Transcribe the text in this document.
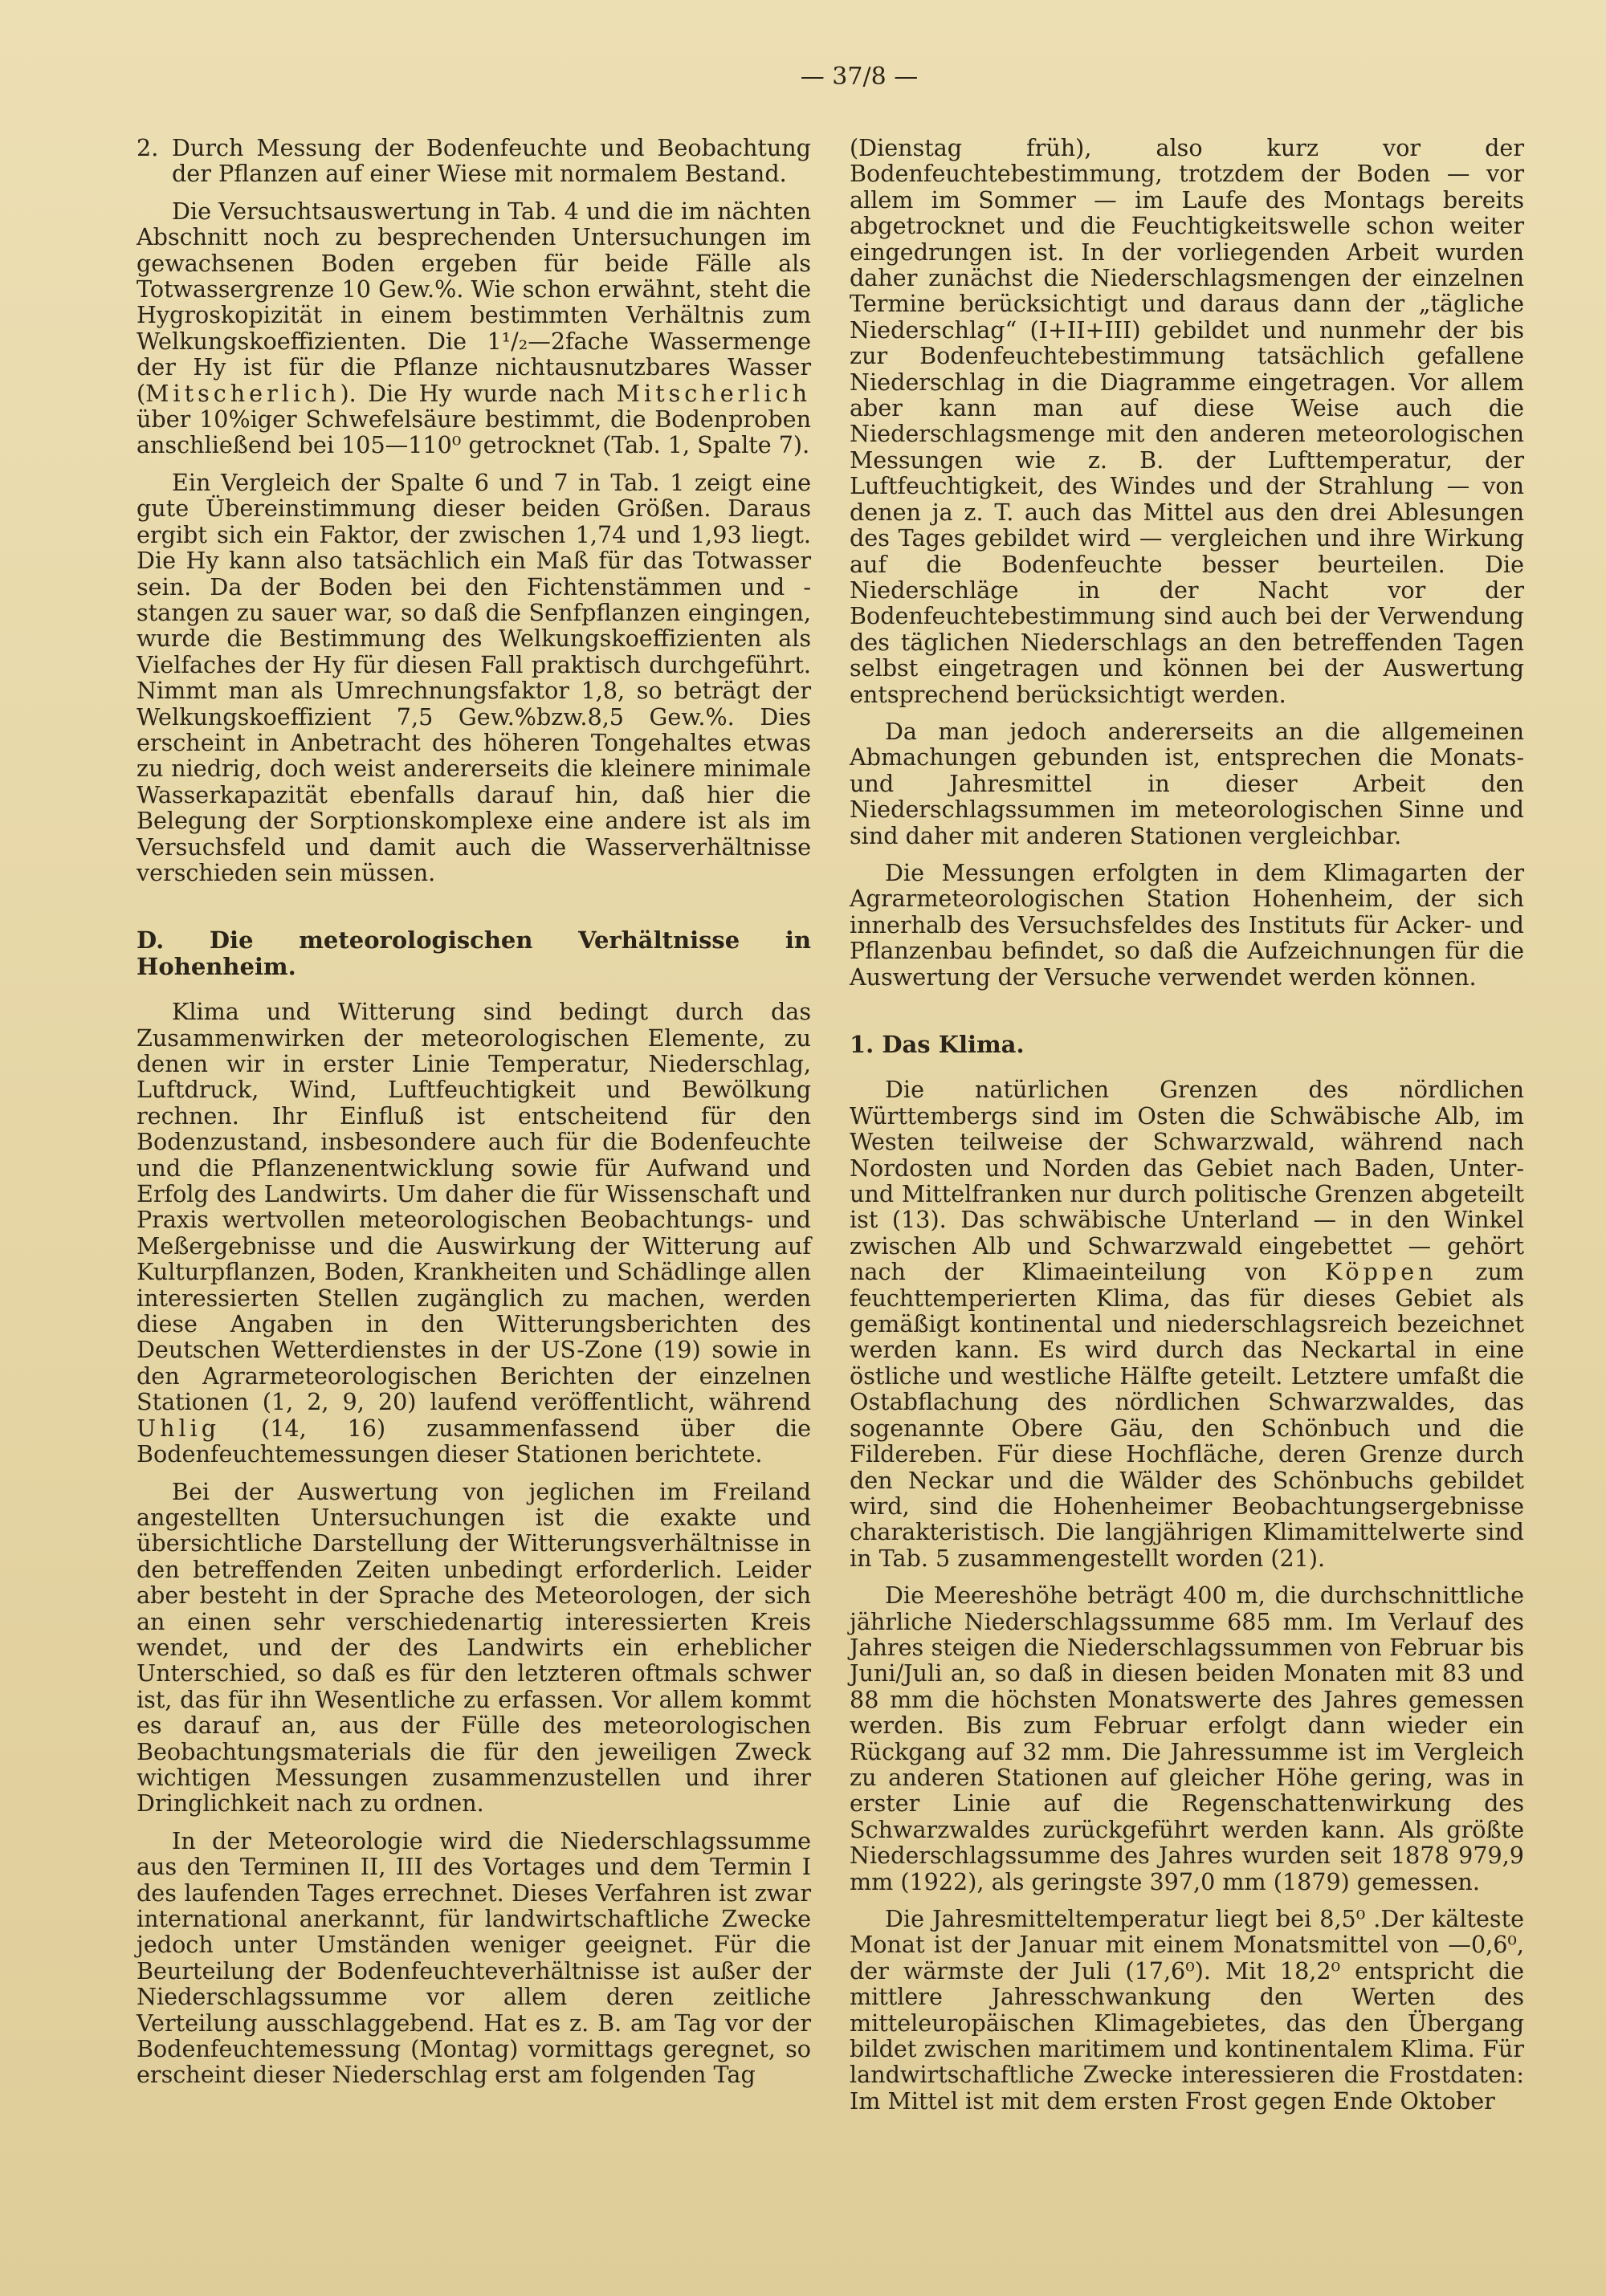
— 37/8 —

2. Durch Messung der Bodenfeuchte und Beobachtung der Pflanzen auf einer Wiese mit normalem Bestand.

Die Versuchtsauswertung in Tab. 4 und die im nächten Abschnitt noch zu besprechenden Untersuchungen im gewachsenen Boden ergeben für beide Fälle als Totwassergrenze 10 Gew.%. Wie schon erwähnt, steht die Hygroskopizität in einem bestimmten Verhältnis zum Welkungskoeffizienten. Die 1¹/₂—2fache Wassermenge der Hy ist für die Pflanze nichtausnutzbares Wasser (Mitscherlich). Die Hy wurde nach Mitscherlich über 10%iger Schwefelsäure bestimmt, die Bodenproben anschließend bei 105—110⁰ getrocknet (Tab. 1, Spalte 7).

Ein Vergleich der Spalte 6 und 7 in Tab. 1 zeigt eine gute Übereinstimmung dieser beiden Größen. Daraus ergibt sich ein Faktor, der zwischen 1,74 und 1,93 liegt. Die Hy kann also tatsächlich ein Maß für das Totwasser sein. Da der Boden bei den Fichtenstämmen und -stangen zu sauer war, so daß die Senfpflanzen eingingen, wurde die Bestimmung des Welkungskoeffizienten als Vielfaches der Hy für diesen Fall praktisch durchgeführt. Nimmt man als Umrechnungsfaktor 1,8, so beträgt der Welkungskoeffizient 7,5 Gew.%bzw.8,5 Gew.%. Dies erscheint in Anbetracht des höheren Tongehaltes etwas zu niedrig, doch weist andererseits die kleinere minimale Wasserkapazität ebenfalls darauf hin, daß hier die Belegung der Sorptionskomplexe eine andere ist als im Versuchsfeld und damit auch die Wasserverhältnisse verschieden sein müssen.

D. Die meteorologischen Verhältnisse in Hohenheim.

Klima und Witterung sind bedingt durch das Zusammenwirken der meteorologischen Elemente, zu denen wir in erster Linie Temperatur, Niederschlag, Luftdruck, Wind, Luftfeuchtigkeit und Bewölkung rechnen. Ihr Einfluß ist entscheitend für den Bodenzustand, insbesondere auch für die Bodenfeuchte und die Pflanzenentwicklung sowie für Aufwand und Erfolg des Landwirts. Um daher die für Wissenschaft und Praxis wertvollen meteorologischen Beobachtungs- und Meßergebnisse und die Auswirkung der Witterung auf Kulturpflanzen, Boden, Krankheiten und Schädlinge allen interessierten Stellen zugänglich zu machen, werden diese Angaben in den Witterungsberichten des Deutschen Wetterdienstes in der US-Zone (19) sowie in den Agrarmeteorologischen Berichten der einzelnen Stationen (1, 2, 9, 20) laufend veröffentlicht, während Uhlig (14, 16) zusammenfassend über die Bodenfeuchtemessungen dieser Stationen berichtete.

Bei der Auswertung von jeglichen im Freiland angestellten Untersuchungen ist die exakte und übersichtliche Darstellung der Witterungsverhältnisse in den betreffenden Zeiten unbedingt erforderlich. Leider aber besteht in der Sprache des Meteorologen, der sich an einen sehr verschiedenartig interessierten Kreis wendet, und der des Landwirts ein erheblicher Unterschied, so daß es für den letzteren oftmals schwer ist, das für ihn Wesentliche zu erfassen. Vor allem kommt es darauf an, aus der Fülle des meteorologischen Beobachtungsmaterials die für den jeweiligen Zweck wichtigen Messungen zusammenzustellen und ihrer Dringlichkeit nach zu ordnen.

In der Meteorologie wird die Niederschlagssumme aus den Terminen II, III des Vortages und dem Termin I des laufenden Tages errechnet. Dieses Verfahren ist zwar international anerkannt, für landwirtschaftliche Zwecke jedoch unter Umständen weniger geeignet. Für die Beurteilung der Bodenfeuchteverhältnisse ist außer der Niederschlagssumme vor allem deren zeitliche Verteilung ausschlaggebend. Hat es z. B. am Tag vor der Bodenfeuchtemessung (Montag) vormittags geregnet, so erscheint dieser Niederschlag erst am folgenden Tag

(Dienstag früh), also kurz vor der Bodenfeuchtebestimmung, trotzdem der Boden — vor allem im Sommer — im Laufe des Montags bereits abgetrocknet und die Feuchtigkeitswelle schon weiter eingedrungen ist. In der vorliegenden Arbeit wurden daher zunächst die Niederschlagsmengen der einzelnen Termine berücksichtigt und daraus dann der „tägliche Niederschlag“ (I+II+III) gebildet und nunmehr der bis zur Bodenfeuchtebestimmung tatsächlich gefallene Niederschlag in die Diagramme eingetragen. Vor allem aber kann man auf diese Weise auch die Niederschlagsmenge mit den anderen meteorologischen Messungen wie z. B. der Lufttemperatur, der Luftfeuchtigkeit, des Windes und der Strahlung — von denen ja z. T. auch das Mittel aus den drei Ablesungen des Tages gebildet wird — vergleichen und ihre Wirkung auf die Bodenfeuchte besser beurteilen. Die Niederschläge in der Nacht vor der Bodenfeuchtebestimmung sind auch bei der Verwendung des täglichen Niederschlags an den betreffenden Tagen selbst eingetragen und können bei der Auswertung entsprechend berücksichtigt werden.

Da man jedoch andererseits an die allgemeinen Abmachungen gebunden ist, entsprechen die Monats- und Jahresmittel in dieser Arbeit den Niederschlagssummen im meteorologischen Sinne und sind daher mit anderen Stationen vergleichbar.

Die Messungen erfolgten in dem Klimagarten der Agrarmeteorologischen Station Hohenheim, der sich innerhalb des Versuchsfeldes des Instituts für Acker- und Pflanzenbau befindet, so daß die Aufzeichnungen für die Auswertung der Versuche verwendet werden können.

1. Das Klima.

Die natürlichen Grenzen des nördlichen Württembergs sind im Osten die Schwäbische Alb, im Westen teilweise der Schwarzwald, während nach Nordosten und Norden das Gebiet nach Baden, Unter- und Mittelfranken nur durch politische Grenzen abgeteilt ist (13). Das schwäbische Unterland — in den Winkel zwischen Alb und Schwarzwald eingebettet — gehört nach der Klimaeinteilung von Köppen zum feuchttemperierten Klima, das für dieses Gebiet als gemäßigt kontinental und niederschlagsreich bezeichnet werden kann. Es wird durch das Neckartal in eine östliche und westliche Hälfte geteilt. Letztere umfaßt die Ostabflachung des nördlichen Schwarzwaldes, das sogenannte Obere Gäu, den Schönbuch und die Fildereben. Für diese Hochfläche, deren Grenze durch den Neckar und die Wälder des Schönbuchs gebildet wird, sind die Hohenheimer Beobachtungsergebnisse charakteristisch. Die langjährigen Klimamittelwerte sind in Tab. 5 zusammengestellt worden (21).

Die Meereshöhe beträgt 400 m, die durchschnittliche jährliche Niederschlagssumme 685 mm. Im Verlauf des Jahres steigen die Niederschlagssummen von Februar bis Juni/Juli an, so daß in diesen beiden Monaten mit 83 und 88 mm die höchsten Monatswerte des Jahres gemessen werden. Bis zum Februar erfolgt dann wieder ein Rückgang auf 32 mm. Die Jahressumme ist im Vergleich zu anderen Stationen auf gleicher Höhe gering, was in erster Linie auf die Regenschattenwirkung des Schwarzwaldes zurückgeführt werden kann. Als größte Niederschlagssumme des Jahres wurden seit 1878 979,9 mm (1922), als geringste 397,0 mm (1879) gemessen.

Die Jahresmitteltemperatur liegt bei 8,5⁰ .Der kälteste Monat ist der Januar mit einem Monatsmittel von —0,6⁰, der wärmste der Juli (17,6⁰). Mit 18,2⁰ entspricht die mittlere Jahresschwankung den Werten des mitteleuropäischen Klimagebietes, das den Übergang bildet zwischen maritimem und kontinentalem Klima. Für landwirtschaftliche Zwecke interessieren die Frostdaten: Im Mittel ist mit dem ersten Frost gegen Ende Oktober
